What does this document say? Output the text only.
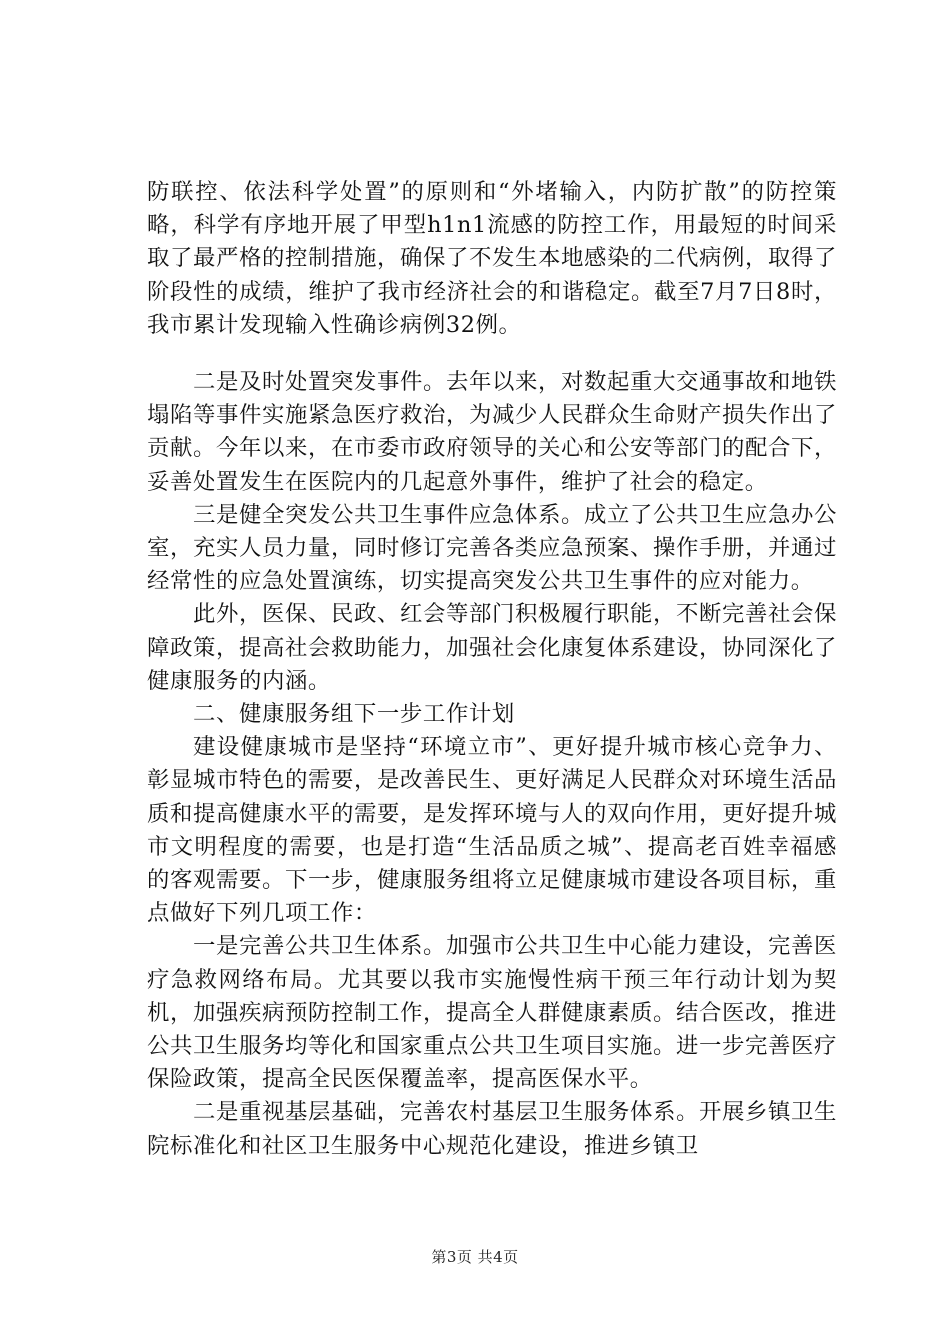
防联控、依法科学处置”的原则和“外堵输入，内防扩散”的防控策略，科学有序地开展了甲型h1n1流感的防控工作，用最短的时间采取了最严格的控制措施，确保了不发生本地感染的二代病例，取得了阶段性的成绩，维护了我市经济社会的和谐稳定。截至7月7日8时，我市累计发现输入性确诊病例32例。

二是及时处置突发事件。去年以来，对数起重大交通事故和地铁塌陷等事件实施紧急医疗救治，为减少人民群众生命财产损失作出了贡献。今年以来，在市委市政府领导的关心和公安等部门的配合下，妥善处置发生在医院内的几起意外事件，维护了社会的稳定。

三是健全突发公共卫生事件应急体系。成立了公共卫生应急办公室，充实人员力量，同时修订完善各类应急预案、操作手册，并通过经常性的应急处置演练，切实提高突发公共卫生事件的应对能力。

此外，医保、民政、红会等部门积极履行职能，不断完善社会保障政策，提高社会救助能力，加强社会化康复体系建设，协同深化了健康服务的内涵。

二、健康服务组下一步工作计划

建设健康城市是坚持“环境立市”、更好提升城市核心竞争力、彰显城市特色的需要，是改善民生、更好满足人民群众对环境生活品质和提高健康水平的需要，是发挥环境与人的双向作用，更好提升城市文明程度的需要，也是打造“生活品质之城”、提高老百姓幸福感的客观需要。下一步，健康服务组将立足健康城市建设各项目标，重点做好下列几项工作：

一是完善公共卫生体系。加强市公共卫生中心能力建设，完善医疗急救网络布局。尤其要以我市实施慢性病干预三年行动计划为契机，加强疾病预防控制工作，提高全人群健康素质。结合医改，推进公共卫生服务均等化和国家重点公共卫生项目实施。进一步完善医疗保险政策，提高全民医保覆盖率，提高医保水平。

二是重视基层基础，完善农村基层卫生服务体系。开展乡镇卫生院标准化和社区卫生服务中心规范化建设，推进乡镇卫

第3页 共4页
